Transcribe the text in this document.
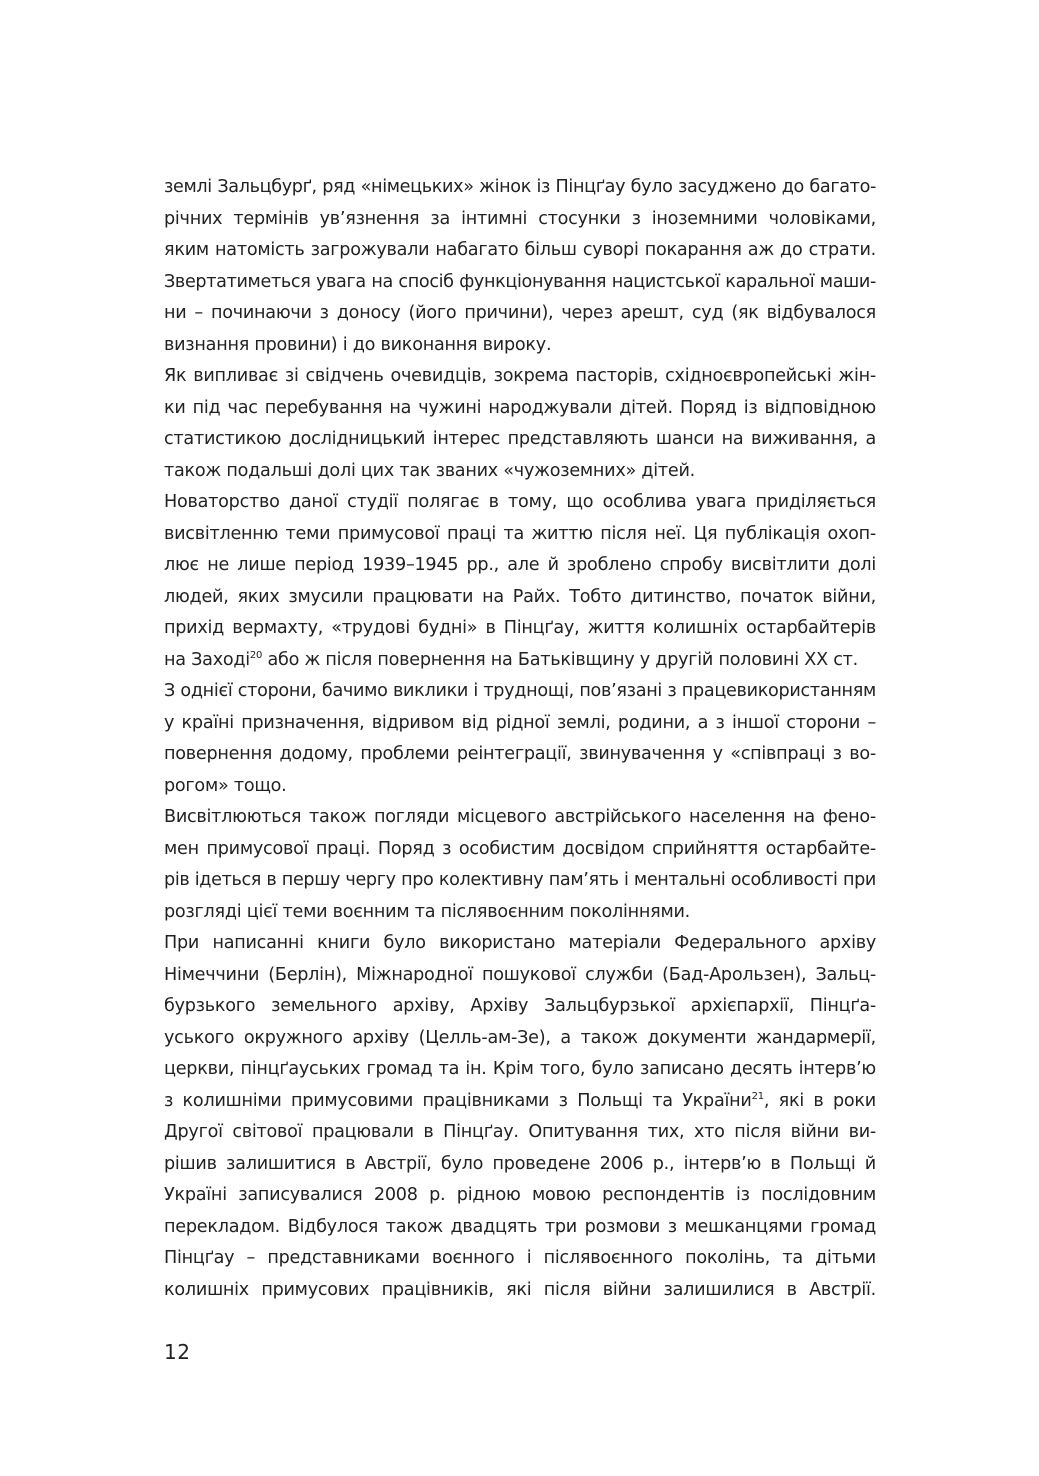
землі Зальцбурґ, ряд «німецьких» жінок із Пінцґау було засуджено до багато-
річних термінів ув’язнення за інтимні стосунки з іноземними чоловіками,
яким натомість загрожували набагато більш суворі покарання аж до страти.
Звертатиметься увага на спосіб функціонування нацистської каральної маши-
ни – починаючи з доносу (його причини), через арешт, суд (як відбувалося
визнання провини) і до виконання вироку.
Як випливає зі свідчень очевидців, зокрема пасторів, східноєвропейські жін-
ки під час перебування на чужині народжували дітей. Поряд із відповідною
статистикою дослідницький інтерес представляють шанси на виживання, а
також подальші долі цих так званих «чужоземних» дітей.
Новаторство даної студії полягає в тому, що особлива увага приділяється
висвітленню теми примусової праці та життю після неї. Ця публікація охоп-
лює не лише період 1939–1945 рр., але й зроблено спробу висвітлити долі
людей, яких змусили працювати на Райх. Тобто дитинство, початок війни,
прихід вермахту, «трудові будні» в Пінцґау, життя колишніх остарбайтерів
на Заході$^{20}$ або ж після повернення на Батьківщину у другій половині XX ст.
З однієї сторони, бачимо виклики і труднощі, пов’язані з працевикористанням
у країні призначення, відривом від рідної землі, родини, а з іншої сторони –
повернення додому, проблеми реінтеграції, звинувачення у «співпраці з во-
рогом» тощо.
Висвітлюються також погляди місцевого австрійського населення на фено-
мен примусової праці. Поряд з особистим досвідом сприйняття остарбайте-
рів ідеться в першу чергу про колективну пам’ять і ментальні особливості при
розгляді цієї теми воєнним та післявоєнним поколіннями.
При написанні книги було використано матеріали Федерального архіву
Німеччини (Берлін), Міжнародної пошукової служби (Бад-Арользен), Зальц-
бурзького земельного архіву, Архіву Зальцбурзької архієпархії, Пінцґа-
уського окружного архіву (Целль-ам-Зе), а також документи жандармерії,
церкви, пінцґауських громад та ін. Крім того, було записано десять інтерв’ю
з колишніми примусовими працівниками з Польщі та України$^{21}$, які в роки
Другої світової працювали в Пінцґау. Опитування тих, хто після війни ви-
рішив залишитися в Австрії, було проведене 2006 р., інтерв’ю в Польщі й
Україні записувалися 2008 р. рідною мовою респондентів із послідовним
перекладом. Відбулося також двадцять три розмови з мешканцями громад
Пінцґау – представниками воєнного і післявоєнного поколінь, та дітьми
колишніх примусових працівників, які після війни залишилися в Австрії.
12
